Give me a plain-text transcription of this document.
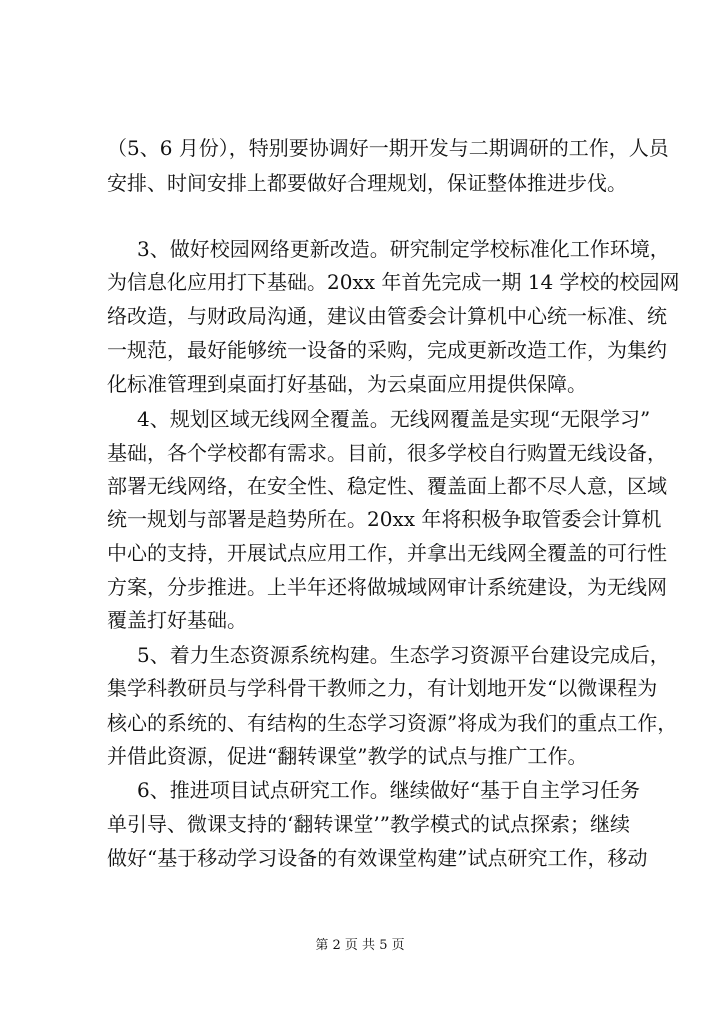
（5、6 月份），特别要协调好一期开发与二期调研的工作，人员
安排、时间安排上都要做好合理规划，保证整体推进步伐。
3、做好校园网络更新改造。研究制定学校标准化工作环境，
为信息化应用打下基础。20xx 年首先完成一期 14 学校的校园网
络改造，与财政局沟通，建议由管委会计算机中心统一标准、统
一规范，最好能够统一设备的采购，完成更新改造工作，为集约
化标准管理到桌面打好基础，为云桌面应用提供保障。
4、规划区域无线网全覆盖。无线网覆盖是实现“无限学习”
基础，各个学校都有需求。目前，很多学校自行购置无线设备，
部署无线网络，在安全性、稳定性、覆盖面上都不尽人意，区域
统一规划与部署是趋势所在。20xx 年将积极争取管委会计算机
中心的支持，开展试点应用工作，并拿出无线网全覆盖的可行性
方案，分步推进。上半年还将做城域网审计系统建设，为无线网
覆盖打好基础。
5、着力生态资源系统构建。生态学习资源平台建设完成后，
集学科教研员与学科骨干教师之力，有计划地开发“以微课程为
核心的系统的、有结构的生态学习资源”将成为我们的重点工作，
并借此资源，促进“翻转课堂”教学的试点与推广工作。
6、推进项目试点研究工作。继续做好“基于自主学习任务
单引导、微课支持的‘翻转课堂’”教学模式的试点探索；继续
做好“基于移动学习设备的有效课堂构建”试点研究工作，移动
第 2 页 共 5 页
